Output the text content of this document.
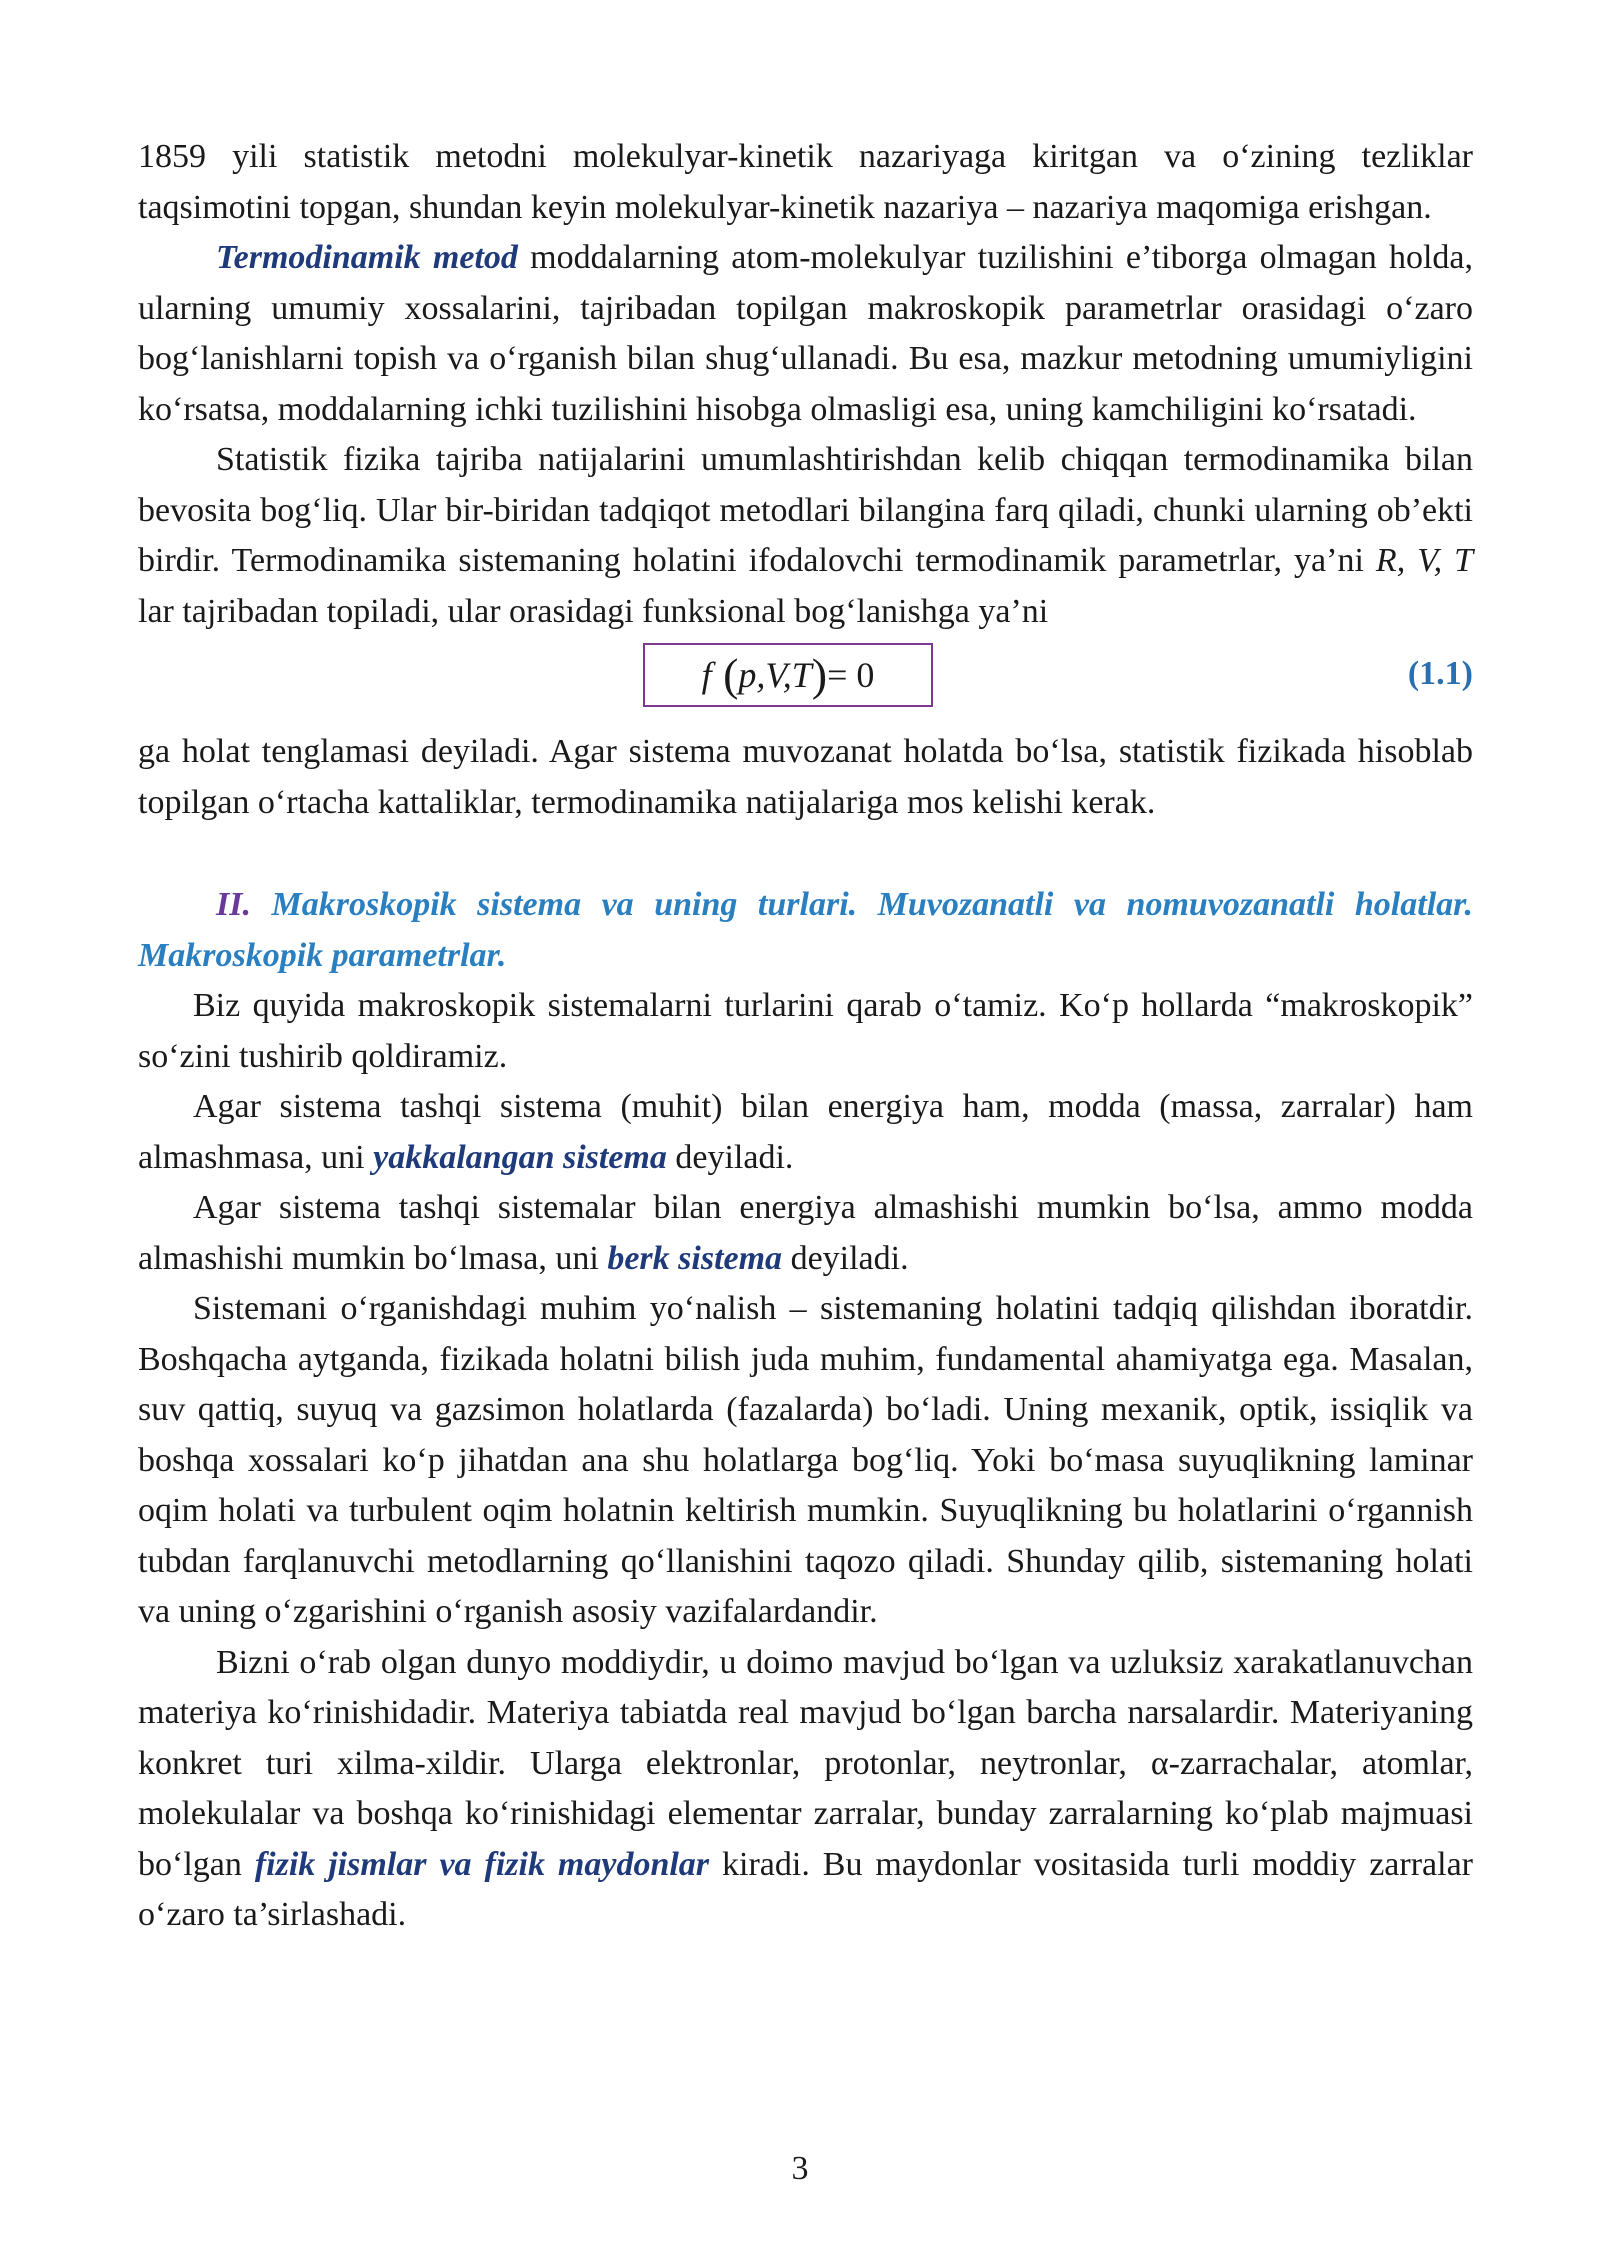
1859 yili statistik metodni molekulyar-kinetik nazariyaga kiritgan va o‘zining tezliklar taqsimotini topgan, shundan keyin molekulyar-kinetik nazariya – nazariya maqomiga erishgan.

Termodinamik metod moddalarning atom-molekulyar tuzilishini e’tiborga olmagan holda, ularning umumiy xossalarini, tajribadan topilgan makroskopik parametrlar orasidagi o‘zaro bog‘lanishlarni topish va o‘rganish bilan shug‘ullanadi. Bu esa, mazkur metodning umumiyligini ko‘rsatsa, moddalarning ichki tuzilishini hisobga olmasligi esa, uning kamchiligini ko‘rsatadi.

Statistik fizika tajriba natijalarini umumlashtirishdan kelib chiqqan termodinamika bilan bevosita bog‘liq. Ular bir-biridan tadqiqot metodlari bilangina farq qiladi, chunki ularning ob’ekti birdir. Termodinamika sistemaning holatini ifodalovchi termodinamik parametrlar, ya’ni R, V, T lar tajribadan topiladi, ular orasidagi funksional bog‘lanishga ya’ni

f ( p,V,T ) = 0	(1.1)

ga holat tenglamasi deyiladi. Agar sistema muvozanat holatda bo‘lsa, statistik fizikada hisoblab topilgan o‘rtacha kattaliklar, termodinamika natijalariga mos kelishi kerak.

II. Makroskopik sistema va uning turlari. Muvozanatli va nomuvozanatli holatlar. Makroskopik parametrlar.

Biz quyida makroskopik sistemalarni turlarini qarab o‘tamiz. Ko‘p hollarda “makroskopik” so‘zini tushirib qoldiramiz.

Agar sistema tashqi sistema (muhit) bilan energiya ham, modda (massa, zarralar) ham almashmasa, uni yakkalangan sistema deyiladi.

Agar sistema tashqi sistemalar bilan energiya almashishi mumkin bo‘lsa, ammo modda almashishi mumkin bo‘lmasa, uni berk sistema deyiladi.

Sistemani o‘rganishdagi muhim yo‘nalish – sistemaning holatini tadqiq qilishdan iboratdir. Boshqacha aytganda, fizikada holatni bilish juda muhim, fundamental ahamiyatga ega. Masalan, suv qattiq, suyuq va gazsimon holatlarda (fazalarda) bo‘ladi. Uning mexanik, optik, issiqlik va boshqa xossalari ko‘p jihatdan ana shu holatlarga bog‘liq. Yoki bo‘masa suyuqlikning laminar oqim holati va turbulent oqim holatnin keltirish mumkin. Suyuqlikning bu holatlarini o‘rgannish tubdan farqlanuvchi metodlarning qo‘llanishini taqozo qiladi. Shunday qilib, sistemaning holati va uning o‘zgarishini o‘rganish asosiy vazifalardandir.

Bizni o‘rab olgan dunyo moddiydir, u doimo mavjud bo‘lgan va uzluksiz xarakatlanuvchan materiya ko‘rinishidadir. Materiya tabiatda real mavjud bo‘lgan barcha narsalardir. Materiyaning konkret turi xilma-xildir. Ularga elektronlar, protonlar, neytronlar, α-zarrachalar, atomlar, molekulalar va boshqa ko‘rinishidagi elementar zarralar, bunday zarralarning ko‘plab majmuasi bo‘lgan fizik jismlar va fizik maydonlar kiradi. Bu maydonlar vositasida turli moddiy zarralar o‘zaro ta’sirlashadi.

3
